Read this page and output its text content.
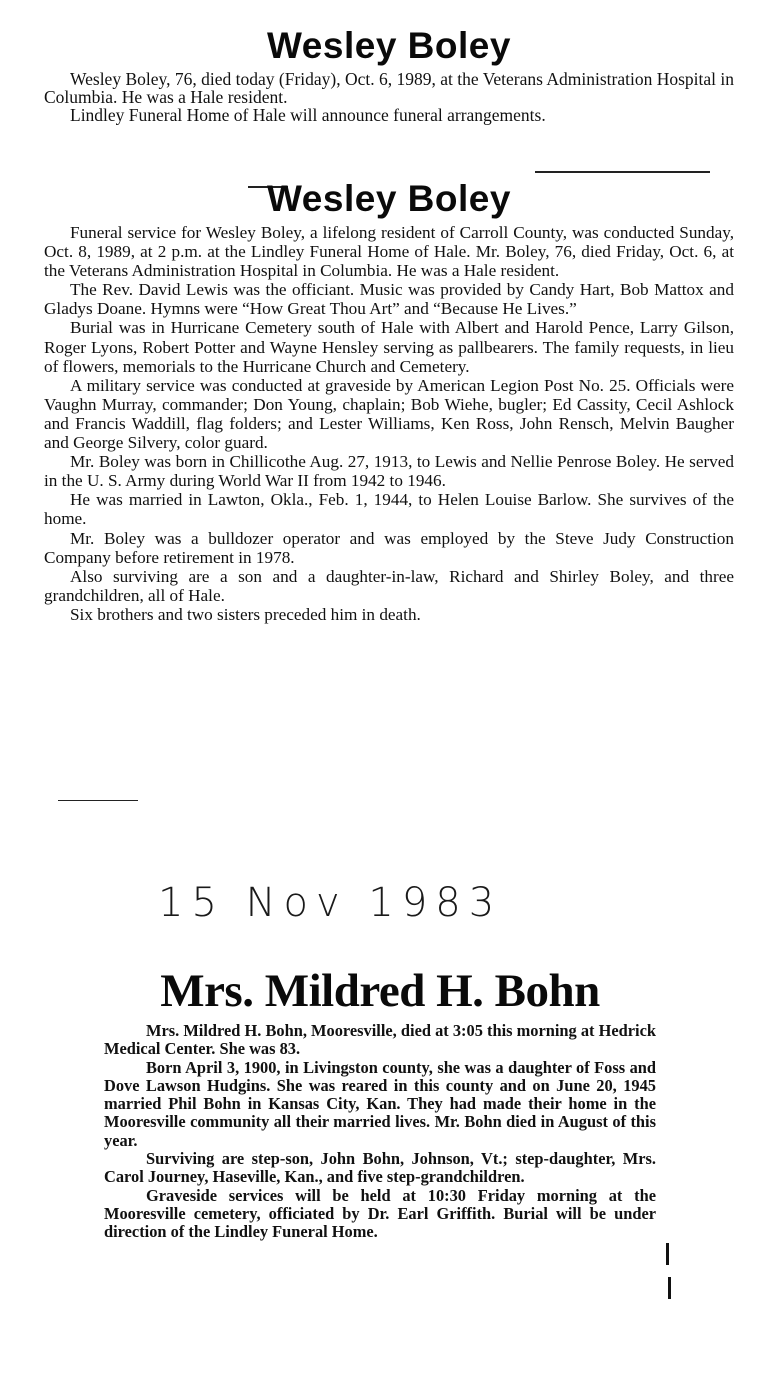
Wesley Boley

Wesley Boley, 76, died today (Friday), Oct. 6, 1989, at the Veterans Administration Hospital in Columbia. He was a Hale resident.

Lindley Funeral Home of Hale will announce funeral arrangements.

Wesley Boley

Funeral service for Wesley Boley, a lifelong resident of Carroll County, was conducted Sunday, Oct. 8, 1989, at 2 p.m. at the Lindley Funeral Home of Hale. Mr. Boley, 76, died Friday, Oct. 6, at the Veterans Administration Hospital in Columbia. He was a Hale resident.

The Rev. David Lewis was the officiant. Music was provided by Candy Hart, Bob Mattox and Gladys Doane. Hymns were “How Great Thou Art” and “Because He Lives.”

Burial was in Hurricane Cemetery south of Hale with Albert and Harold Pence, Larry Gilson, Roger Lyons, Robert Potter and Wayne Hensley serving as pallbearers. The family requests, in lieu of flowers, memorials to the Hurricane Church and Cemetery.

A military service was conducted at graveside by American Legion Post No. 25. Officials were Vaughn Murray, commander; Don Young, chaplain; Bob Wiehe, bugler; Ed Cassity, Cecil Ashlock and Francis Waddill, flag folders; and Lester Williams, Ken Ross, John Rensch, Melvin Baugher and George Silvery, color guard.

Mr. Boley was born in Chillicothe Aug. 27, 1913, to Lewis and Nellie Penrose Boley. He served in the U. S. Army during World War II from 1942 to 1946.

He was married in Lawton, Okla., Feb. 1, 1944, to Helen Louise Barlow. She survives of the home.

Mr. Boley was a bulldozer operator and was employed by the Steve Judy Construction Company before retirement in 1978.

Also surviving are a son and a daughter-in-law, Richard and Shirley Boley, and three grandchildren, all of Hale.

Six brothers and two sisters preceded him in death.

15 Nov 1983
Mrs. Mildred H. Bohn

Mrs. Mildred H. Bohn, Mooresville, died at 3:05 this morning at Hedrick Medical Center. She was 83.

Born April 3, 1900, in Livingston county, she was a daughter of Foss and Dove Lawson Hudgins. She was reared in this county and on June 20, 1945 married Phil Bohn in Kansas City, Kan. They had made their home in the Mooresville community all their married lives. Mr. Bohn died in August of this year.

Surviving are step-son, John Bohn, Johnson, Vt.; step-daughter, Mrs. Carol Journey, Haseville, Kan., and five step-grandchildren.

Graveside services will be held at 10:30 Friday morning at the Mooresville cemetery, officiated by Dr. Earl Griffith. Burial will be under direction of the Lindley Funeral Home.
